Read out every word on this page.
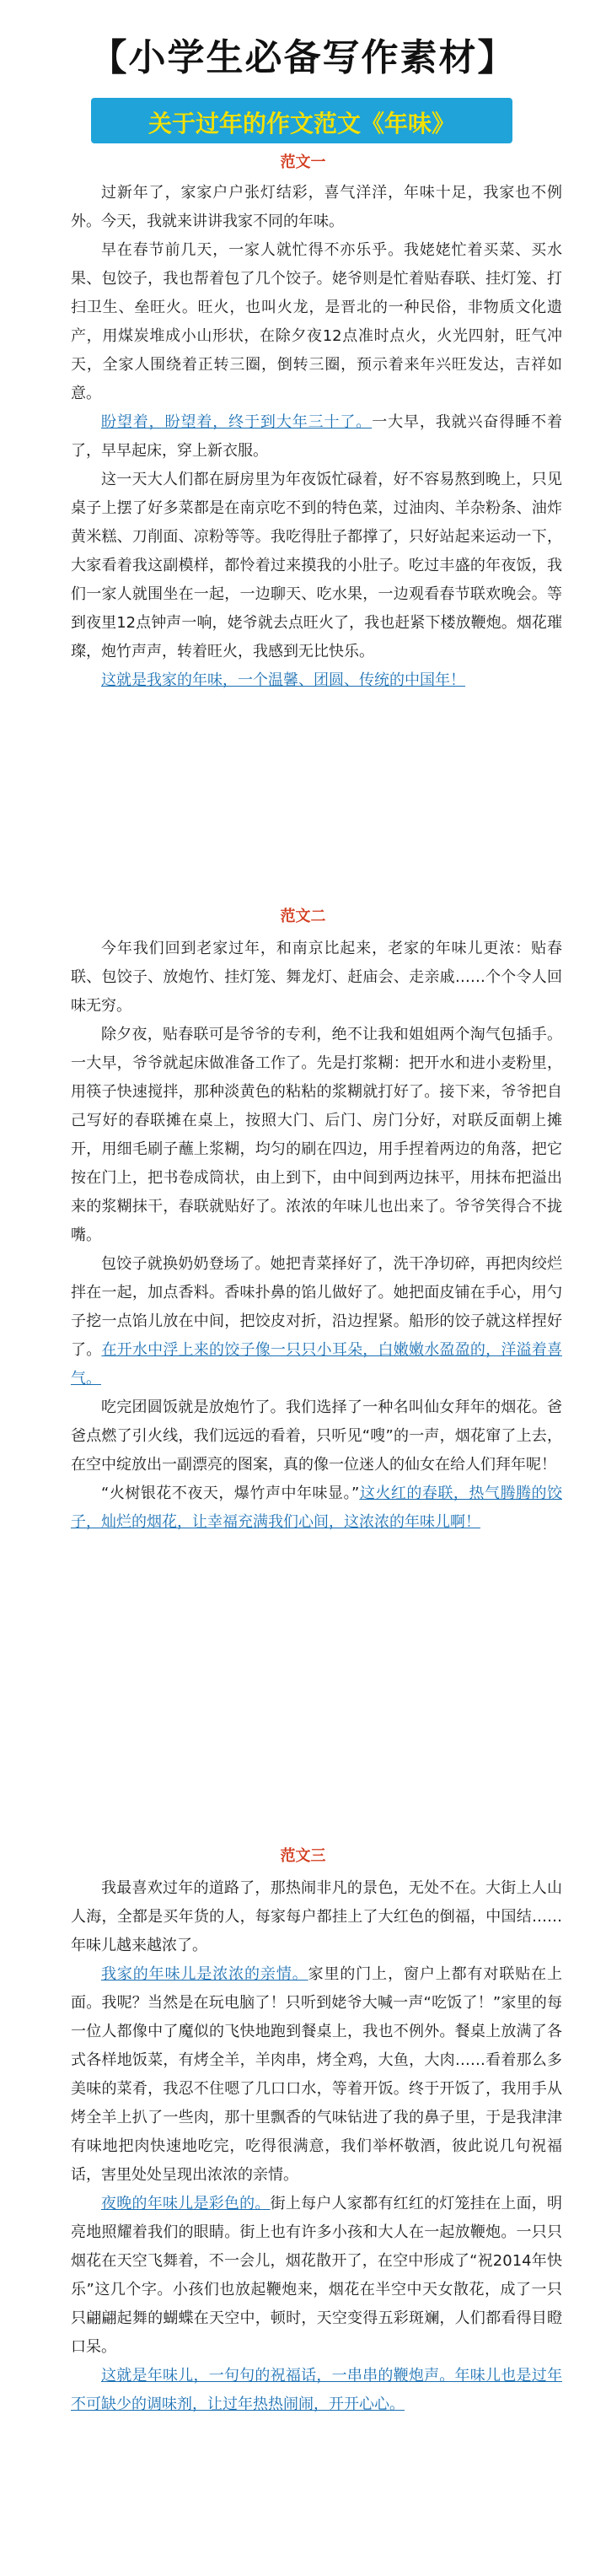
【小学生必备写作素材】
关于过年的作文范文《年味》
范文一

过新年了，家家户户张灯结彩，喜气洋洋，年味十足，我家也不例外。今天，我就来讲讲我家不同的年味。

早在春节前几天，一家人就忙得不亦乐乎。我姥姥忙着买菜、买水果、包饺子，我也帮着包了几个饺子。姥爷则是忙着贴春联、挂灯笼、打扫卫生、垒旺火。旺火，也叫火龙，是晋北的一种民俗，非物质文化遗产，用煤炭堆成小山形状，在除夕夜12点准时点火，火光四射，旺气冲天，全家人围绕着正转三圈，倒转三圈，预示着来年兴旺发达，吉祥如意。

盼望着，盼望着，终于到大年三十了。一大早，我就兴奋得睡不着了，早早起床，穿上新衣服。

这一天大人们都在厨房里为年夜饭忙碌着，好不容易熬到晚上，只见桌子上摆了好多菜都是在南京吃不到的特色菜，过油肉、羊杂粉条、油炸黄米糕、刀削面、凉粉等等。我吃得肚子都撑了，只好站起来运动一下，大家看着我这副模样，都怜着过来摸我的小肚子。吃过丰盛的年夜饭，我们一家人就围坐在一起，一边聊天、吃水果，一边观看春节联欢晚会。等到夜里12点钟声一响，姥爷就去点旺火了，我也赶紧下楼放鞭炮。烟花璀璨，炮竹声声，转着旺火，我感到无比快乐。

这就是我家的年味，一个温馨、团圆、传统的中国年！

范文二

今年我们回到老家过年，和南京比起来，老家的年味儿更浓：贴春联、包饺子、放炮竹、挂灯笼、舞龙灯、赶庙会、走亲戚……个个令人回味无穷。

除夕夜，贴春联可是爷爷的专利，绝不让我和姐姐两个淘气包插手。一大早，爷爷就起床做准备工作了。先是打浆糊：把开水和进小麦粉里，用筷子快速搅拌，那种淡黄色的粘粘的浆糊就打好了。接下来，爷爷把自己写好的春联摊在桌上，按照大门、后门、房门分好，对联反面朝上摊开，用细毛刷子蘸上浆糊，均匀的刷在四边，用手捏着两边的角落，把它按在门上，把书卷成筒状，由上到下，由中间到两边抹平，用抹布把溢出来的浆糊抹干，春联就贴好了。浓浓的年味儿也出来了。爷爷笑得合不拢嘴。

包饺子就换奶奶登场了。她把青菜择好了，洗干净切碎，再把肉绞烂拌在一起，加点香料。香味扑鼻的馅儿做好了。她把面皮铺在手心，用勺子挖一点馅儿放在中间，把饺皮对折，沿边捏紧。船形的饺子就这样捏好了。在开水中浮上来的饺子像一只只小耳朵，白嫩嫩水盈盈的，洋溢着喜气。

吃完团圆饭就是放炮竹了。我们选择了一种名叫仙女拜年的烟花。爸爸点燃了引火线，我们远远的看着，只听见“嗖”的一声，烟花窜了上去，在空中绽放出一副漂亮的图案，真的像一位迷人的仙女在给人们拜年呢！

“火树银花不夜天，爆竹声中年味显。”这火红的春联，热气腾腾的饺子，灿烂的烟花，让幸福充满我们心间，这浓浓的年味儿啊！

范文三

我最喜欢过年的道路了，那热闹非凡的景色，无处不在。大街上人山人海，全都是买年货的人，每家每户都挂上了大红色的倒福，中国结……年味儿越来越浓了。

我家的年味儿是浓浓的亲情。家里的门上，窗户上都有对联贴在上面。我呢？当然是在玩电脑了！只听到姥爷大喊一声“吃饭了！”家里的每一位人都像中了魔似的飞快地跑到餐桌上，我也不例外。餐桌上放满了各式各样地饭菜，有烤全羊，羊肉串，烤全鸡，大鱼，大肉……看着那么多美味的菜肴，我忍不住嗯了几口口水，等着开饭。终于开饭了，我用手从烤全羊上扒了一些肉，那十里飘香的气味钻进了我的鼻子里，于是我津津有味地把肉快速地吃完，吃得很满意，我们举杯敬酒，彼此说几句祝福话，害里处处呈现出浓浓的亲情。

夜晚的年味儿是彩色的。街上每户人家都有红红的灯笼挂在上面，明亮地照耀着我们的眼睛。街上也有许多小孩和大人在一起放鞭炮。一只只烟花在天空飞舞着，不一会儿，烟花散开了，在空中形成了“祝2014年快乐”这几个字。小孩们也放起鞭炮来，烟花在半空中天女散花，成了一只只翩翩起舞的蝴蝶在天空中，顿时，天空变得五彩斑斓，人们都看得目瞪口呆。

这就是年味儿，一句句的祝福话，一串串的鞭炮声。年味儿也是过年不可缺少的调味剂，让过年热热闹闹，开开心心。
